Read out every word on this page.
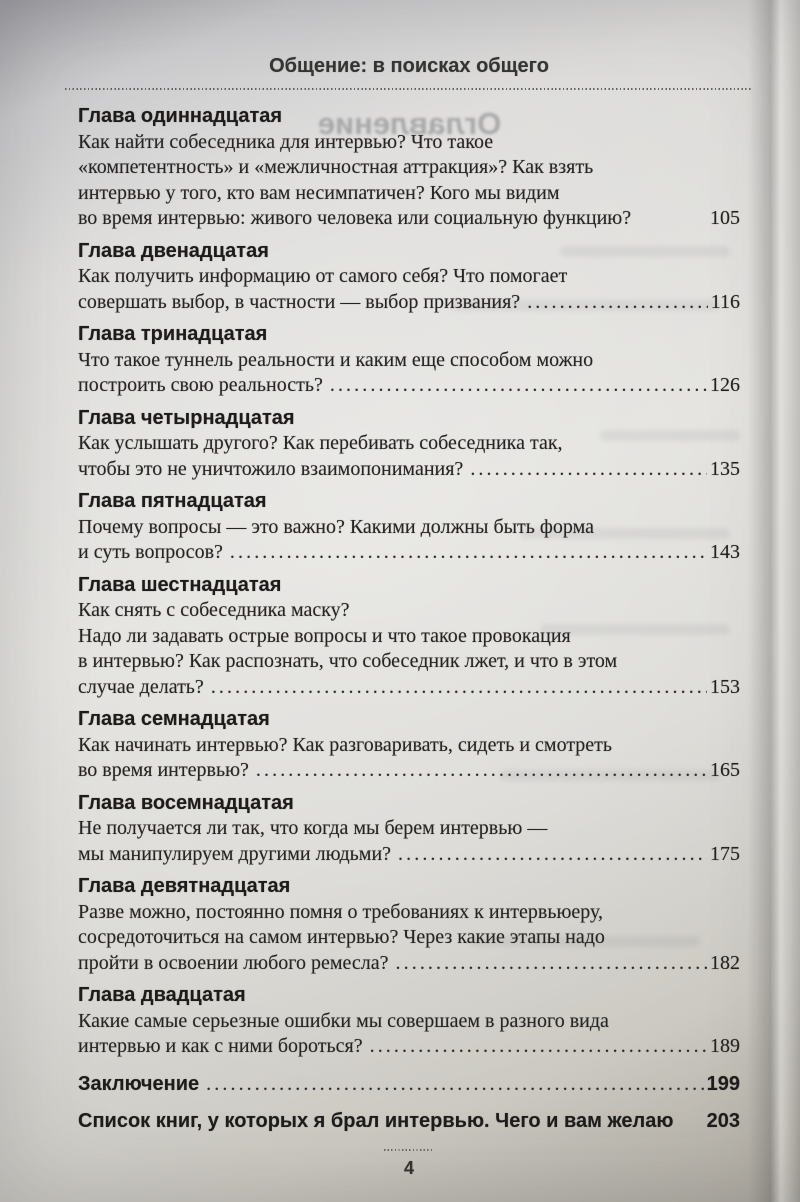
Оглавление
Общение: в поисках общего
Глава одиннадцатая

Как найти собеседника для интервью? Что такое

«компетентность» и «межличностная аттракция»? Как взять

интервью у того, кто вам несимпатичен? Кого мы видим

во время интервью: живого человека или социальную функцию?	105
Глава двенадцатая

Как получить информацию от самого себя? Что помогает

совершать выбор, в частности — выбор призвания? .....	116
Глава тринадцатая

Что такое туннель реальности и каким еще способом можно

построить свою реальность? .....	126
Глава четырнадцатая

Как услышать другого? Как перебивать собеседника так,

чтобы это не уничтожило взаимопонимания? .....	135
Глава пятнадцатая

Почему вопросы — это важно? Какими должны быть форма

и суть вопросов? .....	143
Глава шестнадцатая

Как снять с собеседника маску?

Надо ли задавать острые вопросы и что такое провокация

в интервью? Как распознать, что собеседник лжет, и что в этом

случае делать? .....	153
Глава семнадцатая

Как начинать интервью? Как разговаривать, сидеть и смотреть

во время интервью? .....	165
Глава восемнадцатая

Не получается ли так, что когда мы берем интервью —

мы манипулируем другими людьми? .....	175
Глава девятнадцатая

Разве можно, постоянно помня о требованиях к интервьюеру,

сосредоточиться на самом интервью? Через какие этапы надо

пройти в освоении любого ремесла? .....	182
Глава двадцатая

Какие самые серьезные ошибки мы совершаем в разного вида

интервью и как с ними бороться? .....	189
Заключение .....	199
Список книг, у которых я брал интервью. Чего и вам желаю 203
4
